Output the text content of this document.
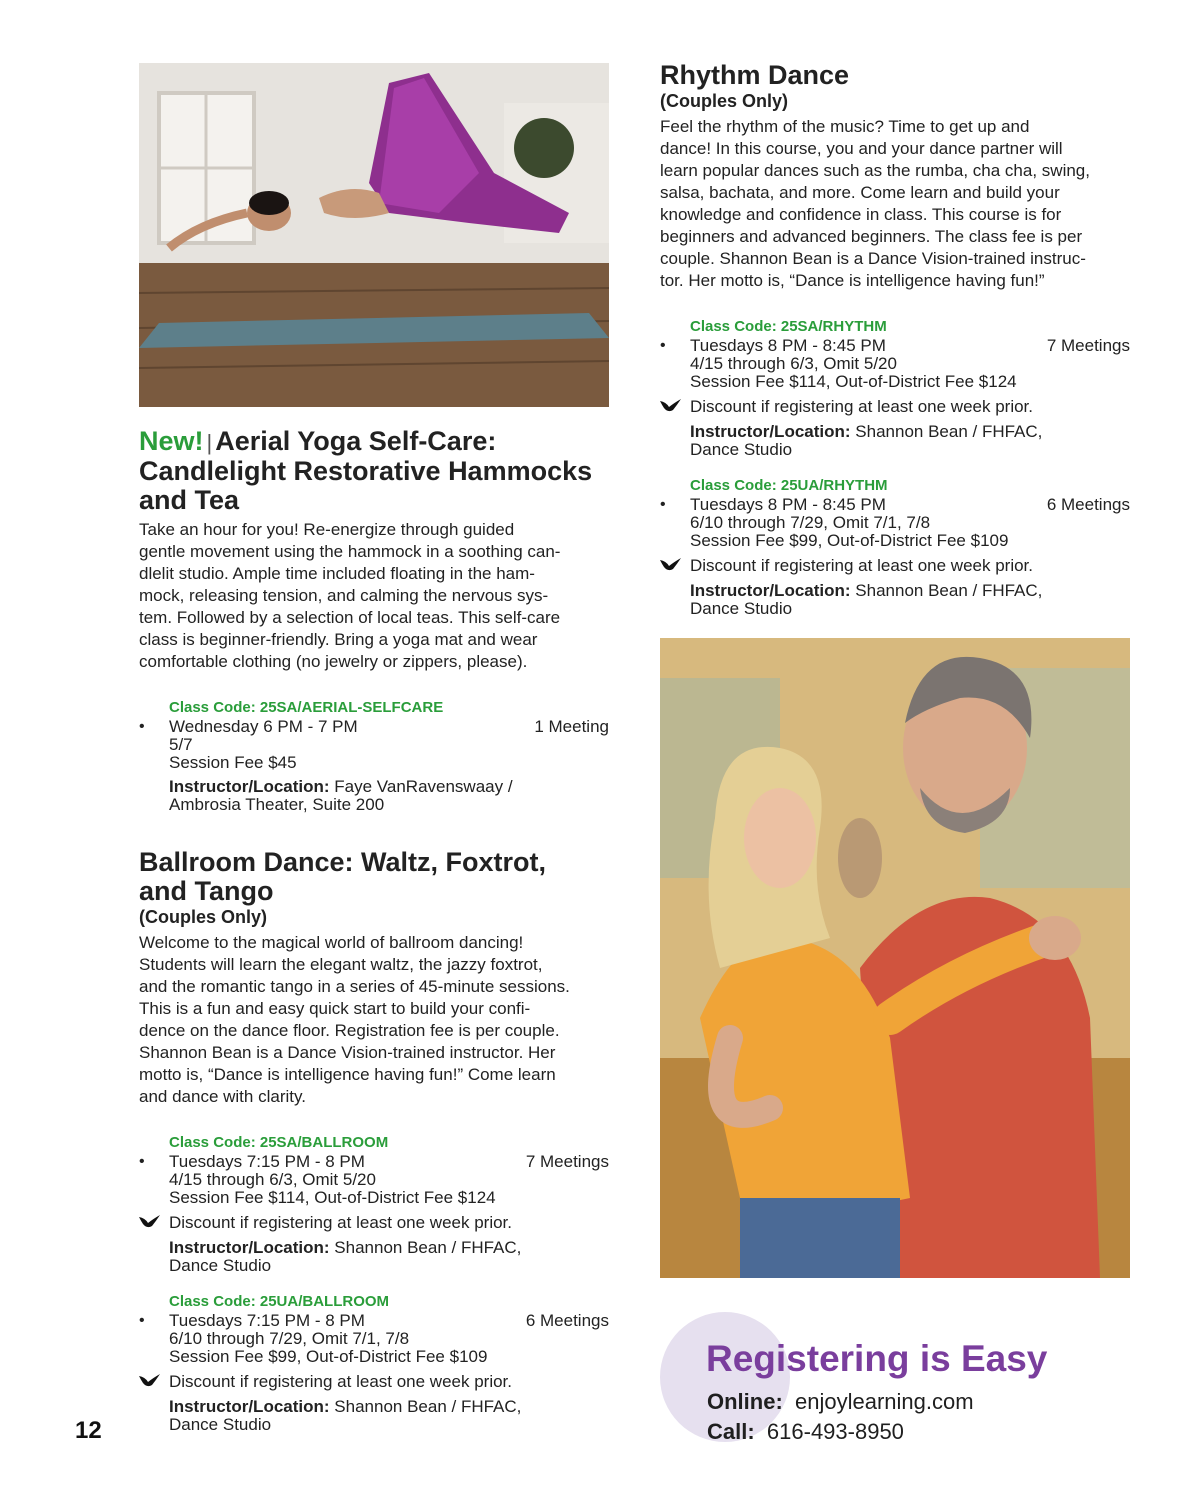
New! | Aerial Yoga Self-Care:
Candlelight Restorative Hammocks
and Tea

Take an hour for you! Re-energize through guided
gentle movement using the hammock in a soothing can-
dlelit studio. Ample time included floating in the ham-
mock, releasing tension, and calming the nervous sys-
tem. Followed by a selection of local teas. This self-care
class is beginner-friendly. Bring a yoga mat and wear
comfortable clothing (no jewelry or zippers, please).

Class Code: 25SA/AERIAL-SELFCARE

•	Wednesday 6 PM - 7 PM
5/7
Session Fee $45
1 Meeting
Instructor/Location: Faye VanRavenswaay /
Ambrosia Theater, Suite 200
Ballroom Dance: Waltz, Foxtrot,
and Tango

(Couples Only)

Welcome to the magical world of ballroom dancing!
Students will learn the elegant waltz, the jazzy foxtrot,
and the romantic tango in a series of 45-minute sessions.
This is a fun and easy quick start to build your confi-
dence on the dance floor. Registration fee is per couple.
Shannon Bean is a Dance Vision-trained instructor. Her
motto is, “Dance is intelligence having fun!” Come learn
and dance with clarity.

Class Code: 25SA/BALLROOM

•	Tuesdays 7:15 PM - 8 PM
4/15 through 6/3, Omit 5/20
Session Fee $114, Out-of-District Fee $124
7 Meetings
Discount if registering at least one week prior.
Instructor/Location: Shannon Bean / FHFAC,
Dance Studio

Class Code: 25UA/BALLROOM

•	Tuesdays 7:15 PM - 8 PM
6/10 through 7/29, Omit 7/1, 7/8
Session Fee $99, Out-of-District Fee $109
6 Meetings
Discount if registering at least one week prior.
Instructor/Location: Shannon Bean / FHFAC,
Dance Studio
Rhythm Dance

(Couples Only)

Feel the rhythm of the music? Time to get up and
dance! In this course, you and your dance partner will
learn popular dances such as the rumba, cha cha, swing,
salsa, bachata, and more. Come learn and build your
knowledge and confidence in class. This course is for
beginners and advanced beginners. The class fee is per
couple. Shannon Bean is a Dance Vision-trained instruc-
tor. Her motto is, “Dance is intelligence having fun!”

Class Code: 25SA/RHYTHM

•	Tuesdays 8 PM - 8:45 PM
4/15 through 6/3, Omit 5/20
Session Fee $114, Out-of-District Fee $124
7 Meetings
Discount if registering at least one week prior.
Instructor/Location: Shannon Bean / FHFAC,
Dance Studio

Class Code: 25UA/RHYTHM

•	Tuesdays 8 PM - 8:45 PM
6/10 through 7/29, Omit 7/1, 7/8
Session Fee $99, Out-of-District Fee $109
6 Meetings
Discount if registering at least one week prior.
Instructor/Location: Shannon Bean / FHFAC,
Dance Studio
Registering is Easy
Online:  enjoylearning.com
Call:  616-493-8950
12
